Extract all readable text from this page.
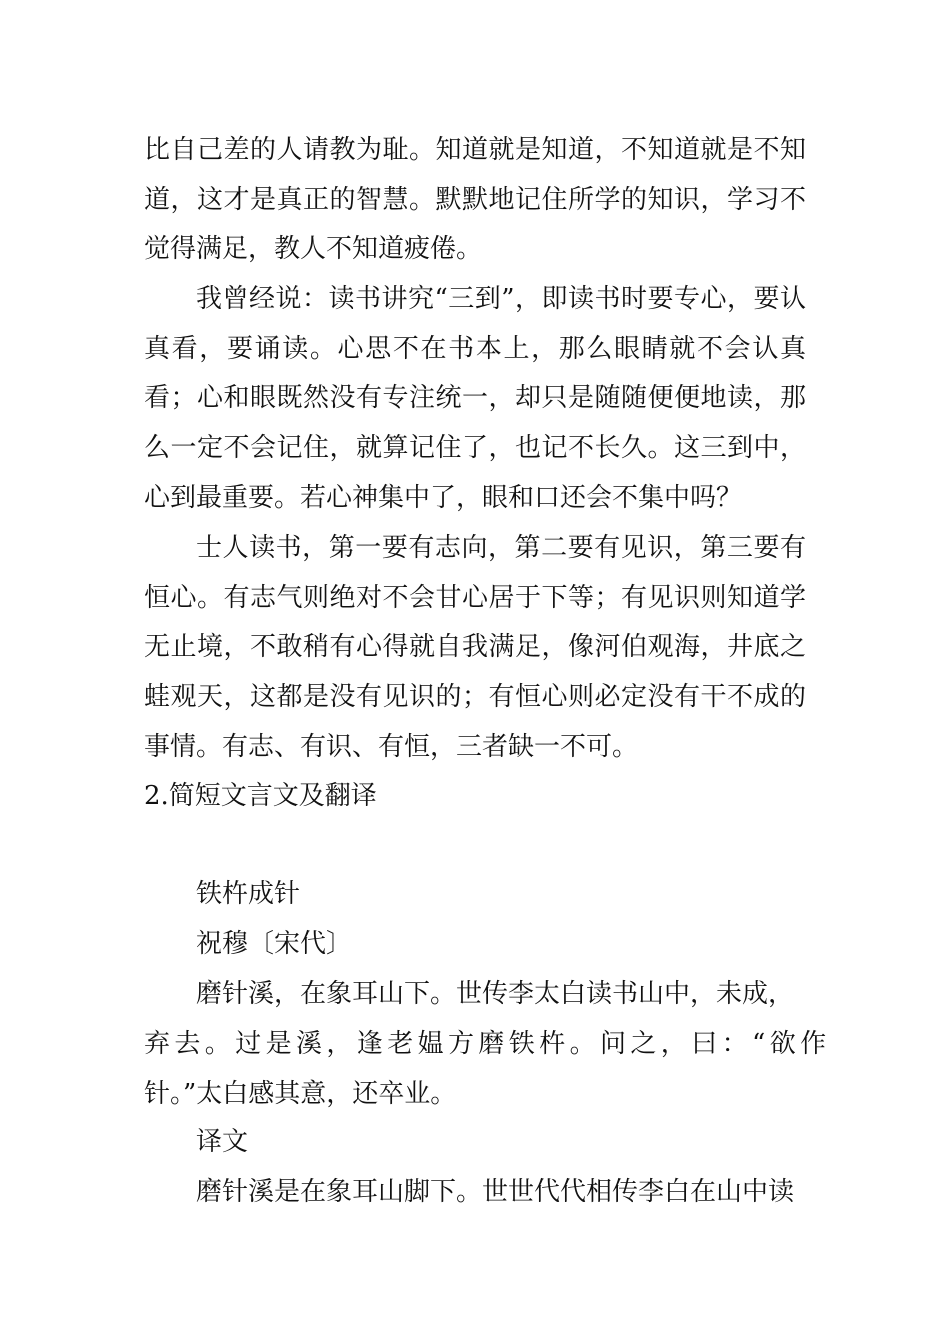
比自己差的人请教为耻。知道就是知道，不知道就是不知道，这才是真正的智慧。默默地记住所学的知识，学习不觉得满足，教人不知道疲倦。

我曾经说：读书讲究“三到”，即读书时要专心，要认真看，要诵读。心思不在书本上，那么眼睛就不会认真看；心和眼既然没有专注统一，却只是随随便便地读，那么一定不会记住，就算记住了，也记不长久。这三到中，心到最重要。若心神集中了，眼和口还会不集中吗？

士人读书，第一要有志向，第二要有见识，第三要有恒心。有志气则绝对不会甘心居于下等；有见识则知道学无止境，不敢稍有心得就自我满足，像河伯观海，井底之蛙观天，这都是没有见识的；有恒心则必定没有干不成的事情。有志、有识、有恒，三者缺一不可。

2.简短文言文及翻译

铁杵成针

祝穆〔宋代〕

磨针溪，在象耳山下。世传李太白读书山中，未成，

弃去。过是溪，逢老媪方磨铁杵。问之，曰：“欲作

针。”太白感其意，还卒业。

译文

磨针溪是在象耳山脚下。世世代代相传李白在山中读
